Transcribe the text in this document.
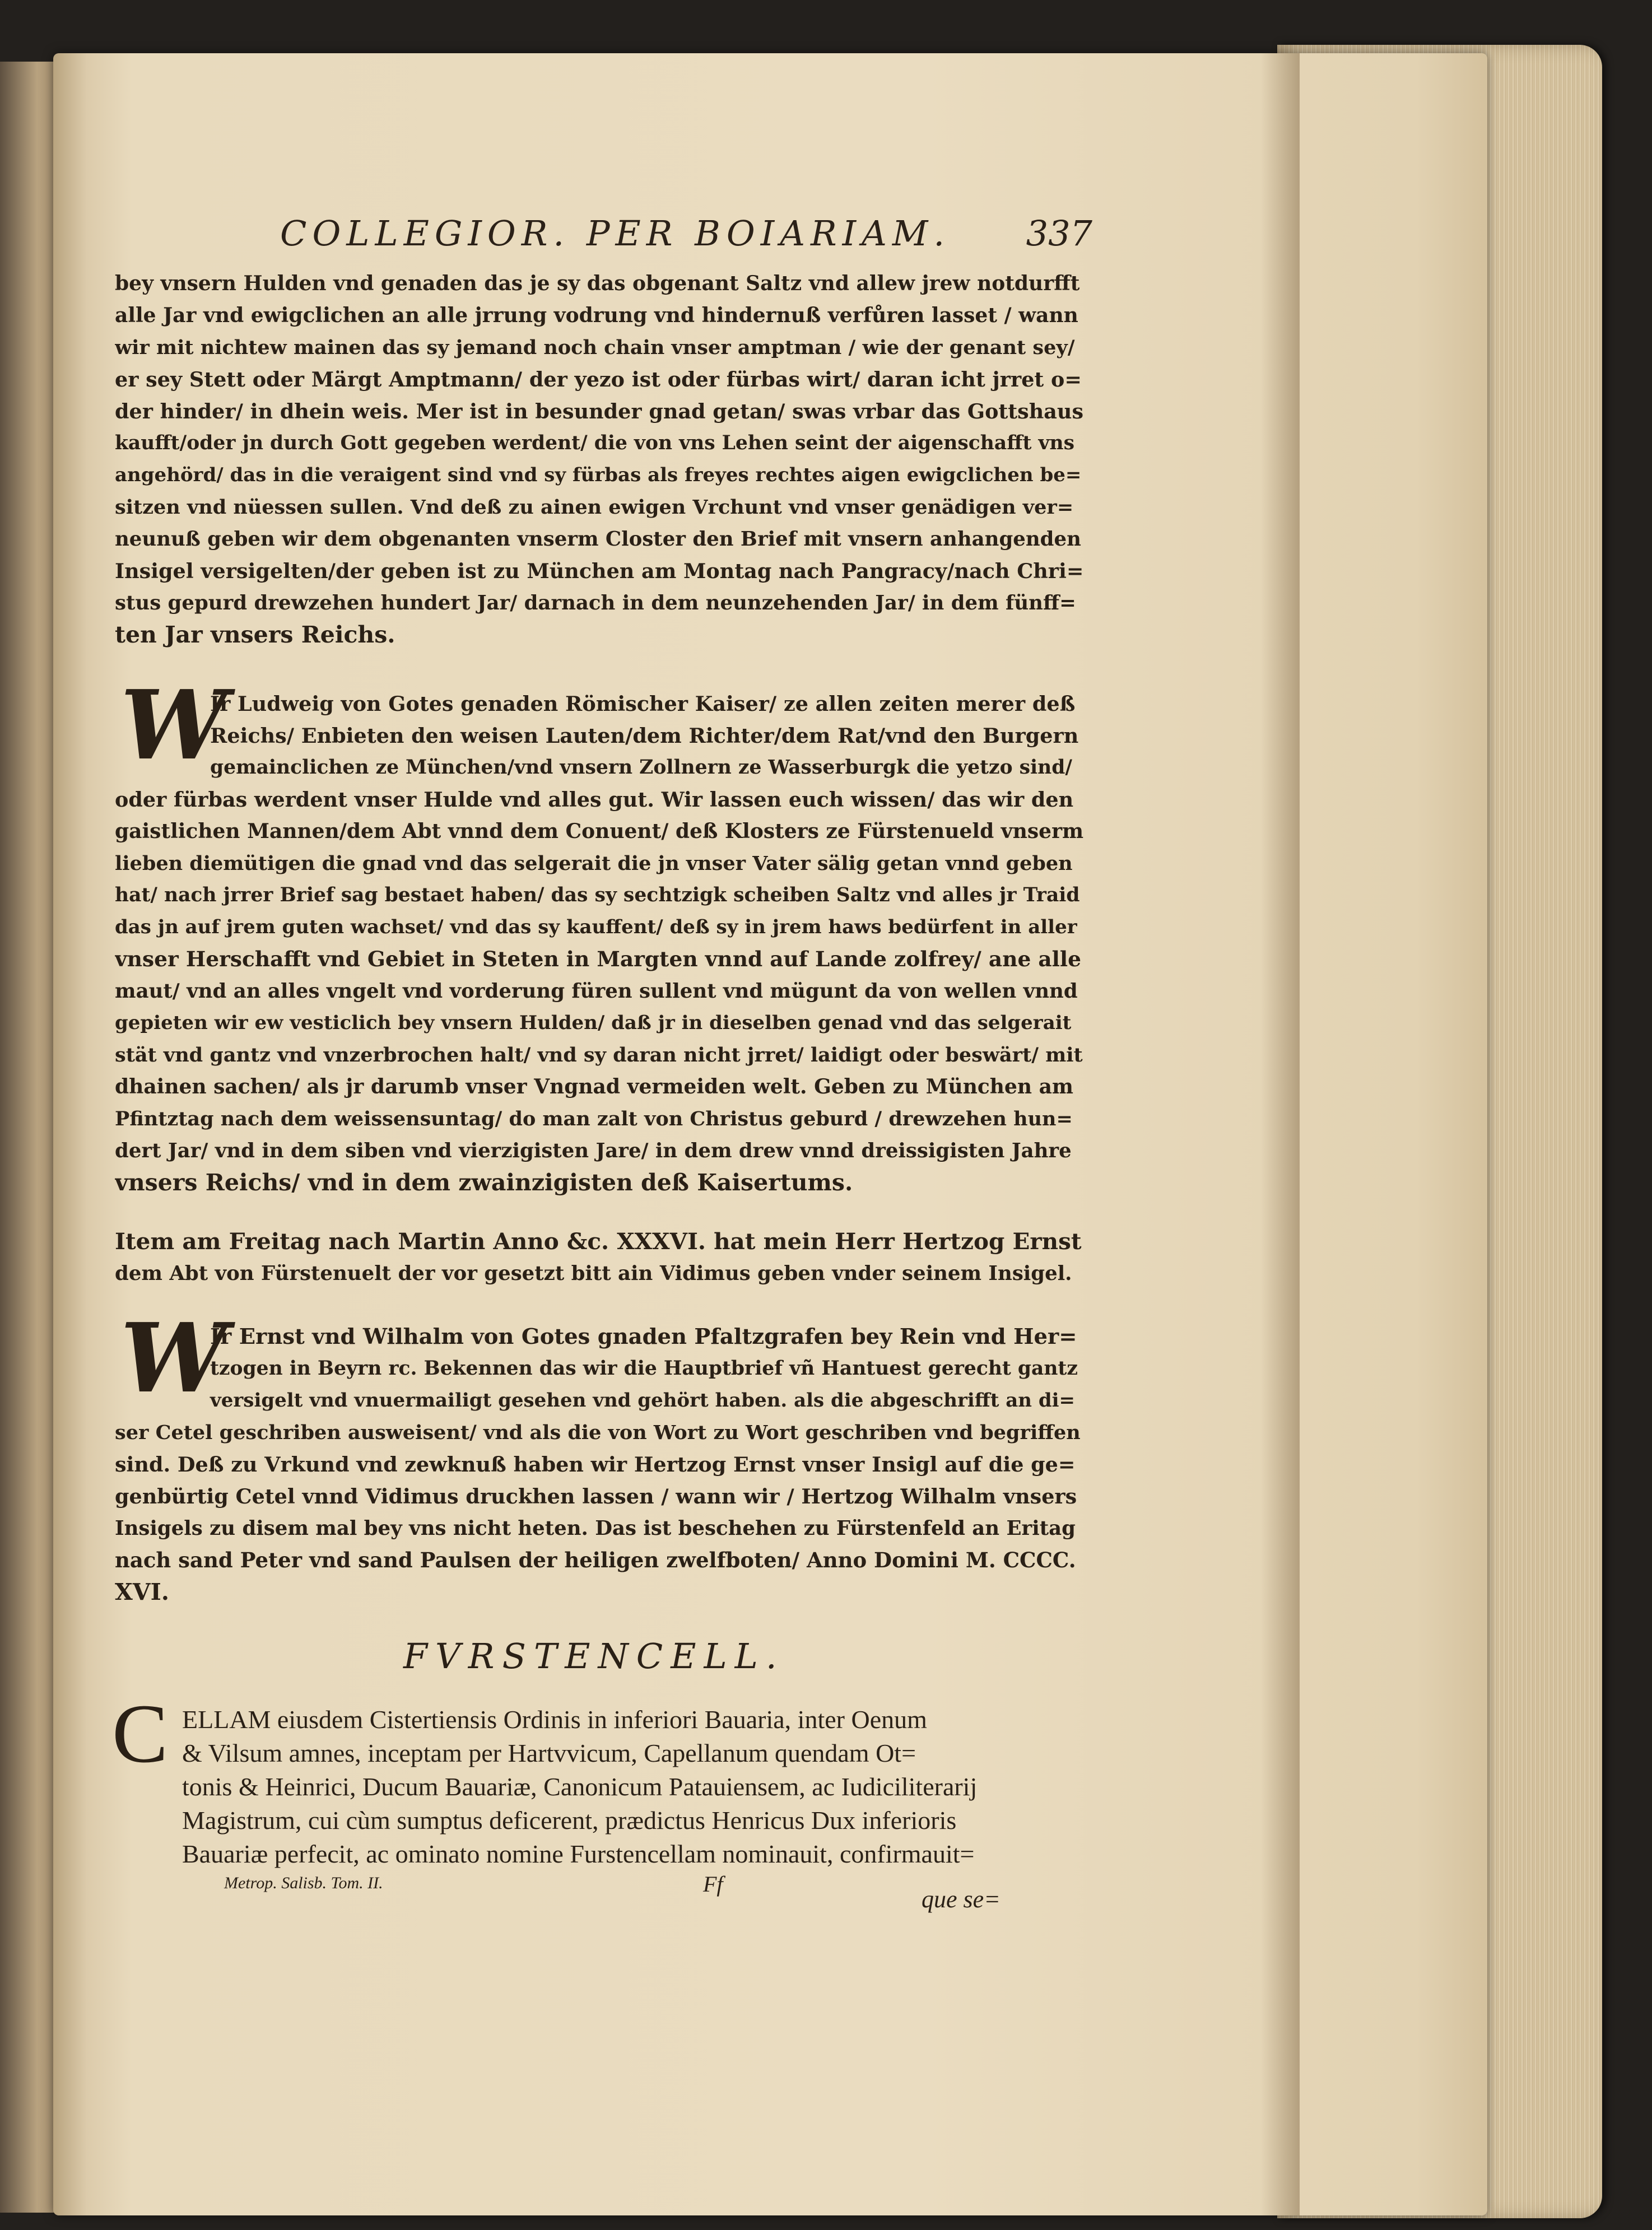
COLLEGIOR. PER BOIARIAM. 337
bey vnsern Hulden vnd genaden das je sy das obgenant Saltz vnd allew jrew notdurfft
alle Jar vnd ewigclichen an alle jrrung vodrung vnd hindernuß verfůren lasset / wann
wir mit nichtew mainen das sy jemand noch chain vnser amptman / wie der genant sey/
er sey Stett oder Märgt Amptmann/ der yezo ist oder fürbas wirt/ daran icht jrret o=
der hinder/ in dhein weis. Mer ist in besunder gnad getan/ swas vrbar das Gottshaus
kaufft/oder jn durch Gott gegeben werdent/ die von vns Lehen seint der aigenschafft vns
angehörd/ das in die veraigent sind vnd sy fürbas als freyes rechtes aigen ewigclichen be=
sitzen vnd nüessen sullen. Vnd deß zu ainen ewigen Vrchunt vnd vnser genädigen ver=
neunuß geben wir dem obgenanten vnserm Closter den Brief mit vnsern anhangenden
Insigel versigelten/der geben ist zu München am Montag nach Pangracy/nach Chri=
stus gepurd drewzehen hundert Jar/ darnach in dem neunzehenden Jar/ in dem fünff=
ten Jar vnsers Reichs.
W
Ir Ludweig von Gotes genaden Römischer Kaiser/ ze allen zeiten merer deß
Reichs/ Enbieten den weisen Lauten/dem Richter/dem Rat/vnd den Burgern
gemainclichen ze München/vnd vnsern Zollnern ze Wasserburgk die yetzo sind/
oder fürbas werdent vnser Hulde vnd alles gut. Wir lassen euch wissen/ das wir den
gaistlichen Mannen/dem Abt vnnd dem Conuent/ deß Klosters ze Fürstenueld vnserm
lieben diemütigen die gnad vnd das selgerait die jn vnser Vater sälig getan vnnd geben
hat/ nach jrrer Brief sag bestaet haben/ das sy sechtzigk scheiben Saltz vnd alles jr Traid
das jn auf jrem guten wachset/ vnd das sy kauffent/ deß sy in jrem haws bedürfent in aller
vnser Herschafft vnd Gebiet in Steten in Margten vnnd auf Lande zolfrey/ ane alle
maut/ vnd an alles vngelt vnd vorderung füren sullent vnd mügunt da von wellen vnnd
gepieten wir ew vesticlich bey vnsern Hulden/ daß jr in dieselben genad vnd das selgerait
stät vnd gantz vnd vnzerbrochen halt/ vnd sy daran nicht jrret/ laidigt oder beswärt/ mit
dhainen sachen/ als jr darumb vnser Vngnad vermeiden welt. Geben zu München am
Pfintztag nach dem weissensuntag/ do man zalt von Christus geburd / drewzehen hun=
dert Jar/ vnd in dem siben vnd vierzigisten Jare/ in dem drew vnnd dreissigisten Jahre
vnsers Reichs/ vnd in dem zwainzigisten deß Kaisertums.
Item am Freitag nach Martin Anno &c. XXXVI. hat mein Herr Hertzog Ernst
dem Abt von Fürstenuelt der vor gesetzt bitt ain Vidimus geben vnder seinem Insigel.
W
Ir Ernst vnd Wilhalm von Gotes gnaden Pfaltzgrafen bey Rein vnd Her=
tzogen in Beyrn rc. Bekennen das wir die Hauptbrief vñ Hantuest gerecht gantz
versigelt vnd vnuermailigt gesehen vnd gehört haben. als die abgeschrifft an di=
ser Cetel geschriben ausweisent/ vnd als die von Wort zu Wort geschriben vnd begriffen
sind. Deß zu Vrkund vnd zewknuß haben wir Hertzog Ernst vnser Insigl auf die ge=
genbürtig Cetel vnnd Vidimus druckhen lassen / wann wir / Hertzog Wilhalm vnsers
Insigels zu disem mal bey vns nicht heten. Das ist beschehen zu Fürstenfeld an Eritag
nach sand Peter vnd sand Paulsen der heiligen zwelfboten/ Anno Domini M. CCCC.
XVI.
FVRSTENCELL.
C ELLAM eiusdem Cistertiensis Ordinis in inferiori Bauaria, inter Oenum
& Vilsum amnes, inceptam per Hartvvicum, Capellanum quendam Ot=
tonis & Heinrici, Ducum Bauariæ, Canonicum Patauiensem, ac Iudiciliterarij
Magistrum, cui cùm sumptus deficerent, prædictus Henricus Dux inferioris
Bauariæ perfecit, ac ominato nomine Furstencellam nominauit, confirmauit=
Metrop. Salisb. Tom. II.	Ff
que se=
